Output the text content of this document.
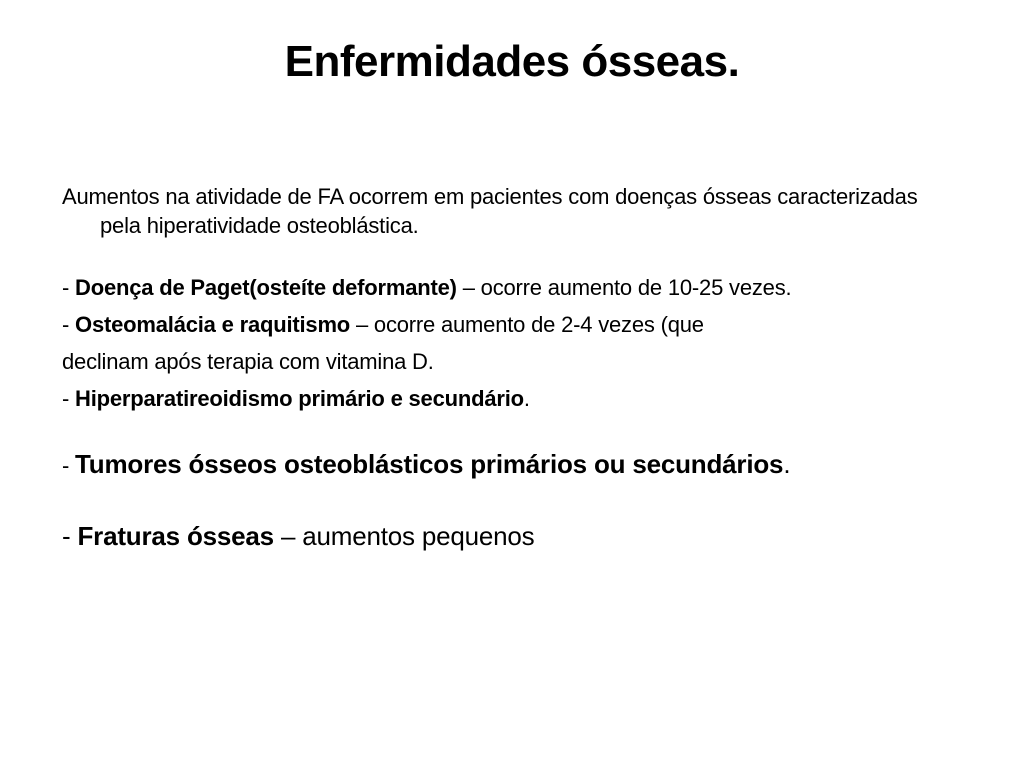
Enfermidades ósseas.

Aumentos na atividade de FA ocorrem em pacientes com doenças ósseas caracterizadas pela hiperatividade osteoblástica.

- Doença de Paget(osteíte deformante) – ocorre aumento de 10-25 vezes.

- Osteomalácia e raquitismo – ocorre aumento de 2-4 vezes (que

declinam após terapia com vitamina D.

- Hiperparatireoidismo primário e secundário.

- Tumores ósseos osteoblásticos primários ou secundários.

- Fraturas ósseas – aumentos pequenos
